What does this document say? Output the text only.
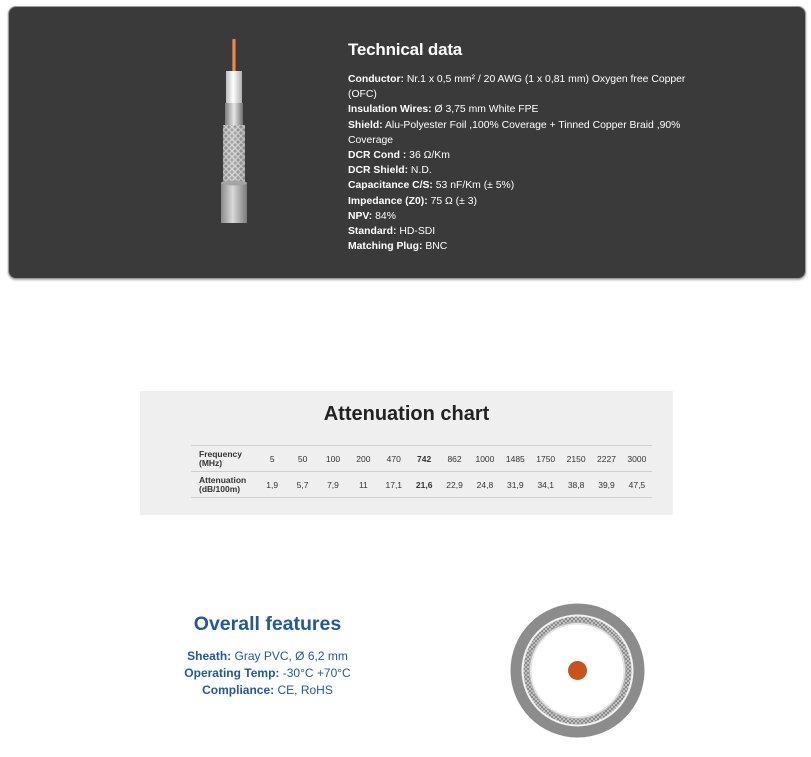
Technical data
Conductor: Nr.1 x 0,5 mm² / 20 AWG (1 x 0,81 mm) Oxygen free Copper (OFC)
Insulation Wires: Ø 3,75 mm White FPE
Shield: Alu-Polyester Foil ,100% Coverage + Tinned Copper Braid ,90% Coverage
DCR Cond : 36 Ω/Km
DCR Shield: N.D.
Capacitance C/S: 53 nF/Km (± 5%)
Impedance (Z0): 75 Ω (± 3)
NPV: 84%
Standard: HD-SDI
Matching Plug: BNC
Attenuation chart
Frequency
(MHz)	5	50	100	200	470	742	862	1000	1485	1750	2150	2227	3000
Attenuation
(dB/100m)	1,9	5,7	7,9	11	17,1	21,6	22,9	24,8	31,9	34,1	38,8	39,9	47,5
Overall features
Sheath: Gray PVC, Ø 6,2 mm
Operating Temp: -30°C +70°C
Compliance: CE, RoHS
